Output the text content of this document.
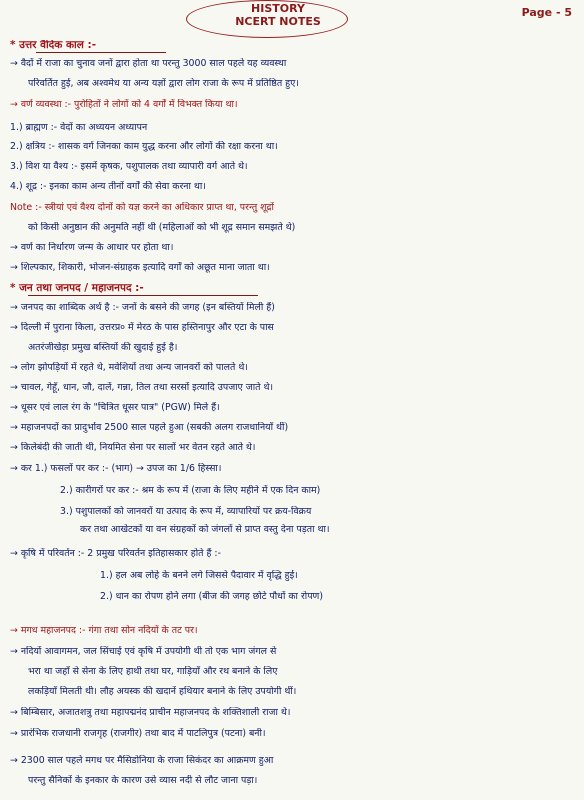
HISTORY
NCERT NOTES
Page - 5
* उत्तर वैदिक काल :-
→ वैदों में राजा का चुनाव जनों द्वारा होता था परन्तु 3000 साल पहले यह व्यवस्था
परिवर्तित हुई, अब अश्वमेध या अन्य यज्ञों द्वारा लोग राजा के रूप में प्रतिष्ठित हुए।
→ वर्ण व्यवस्था :- पुरोहितों ने लोगों को 4 वर्गों में विभक्त किया था।
1.) ब्राह्मण :- वेदों का अध्ययन अध्यापन
2.) क्षत्रिय :- शासक वर्ग जिनका काम युद्ध करना और लोगों की रक्षा करना था।
3.) विश या वैश्य :- इसमें कृषक, पशुपालक तथा व्यापारी वर्ग आते थे।
4.) शूद्र :- इनका काम अन्य तीनों वर्गों की सेवा करना था।
Note :- स्त्रीयां एवं वैश्य दोनों को यज्ञ करने का अधिकार प्राप्त था, परन्तु शूद्रों
को किसी अनुष्ठान की अनुमति नहीं थी (महिलाओं को भी शूद्र समान समझते थे)
→ वर्ण का निर्धारण जन्म के आधार पर होता था।
→ शिल्पकार, शिकारी, भोजन-संग्राहक इत्यादि वर्गों को अछूत माना जाता था।
* जन तथा जनपद / महाजनपद :-
→ जनपद का शाब्दिक अर्थ है :- जनों के बसने की जगह (इन बस्तियों मिली हैं)
→ दिल्ली में पुराना किला, उत्तरप्र० में मेरठ के पास हस्तिनापुर और एटा के पास
अतरंजीखेड़ा प्रमुख बस्तियों की खुदाई हुई है।
→ लोग झोपड़ियों में रहते थे, मवेशियों तथा अन्य जानवरों को पालते थे।
→ चावल, गेहूँ, धान, जौ, दालें, गन्ना, तिल तथा सरसों इत्यादि उपजाए जाते थे।
→ धूसर एवं लाल रंग के "चित्रित धूसर पात्र" (PGW) मिले हैं।
→ महाजनपदों का प्रादुर्भाव 2500 साल पहले हुआ (सबकी अलग राजधानियाँ थीं)
→ किलेबंदी की जाती थी, नियमित सेना पर सालों भर वेतन रहते आते थे।
→ कर 1.) फसलों पर कर :- (भाग) → उपज का 1/6 हिस्सा।
2.) कारीगरों पर कर :- श्रम के रूप में (राजा के लिए महीने में एक दिन काम)
3.) पशुपालकों को जानवरों या उत्पाद के रूप में, व्यापारियों पर क्रय-विक्रय
कर तथा आखेटकों या वन संग्रहकों को जंगलों से प्राप्त वस्तु देना पड़ता था।
→ कृषि में परिवर्तन :- 2 प्रमुख परिवर्तन इतिहासकार होते हैं :-
1.) हल अब लोहे के बनने लगे जिससे पैदावार में वृद्धि हुई।
2.) धान का रोपण होने लगा (बीज की जगह छोटे पौधों का रोपण)
→ मगध महाजनपद :- गंगा तथा सोन नदियों के तट पर।
→ नदियों आवागमन, जल सिंचाई एवं कृषि में उपयोगी थी तो एक भाग जंगल से
भरा था जहाँ से सेना के लिए हाथी तथा घर, गाड़ियाँ और रथ बनाने के लिए
लकड़ियाँ मिलती थी। लौह अयस्क की खदानें हथियार बनाने के लिए उपयोगी थीं।
→ बिम्बिसार, अजातशत्रु तथा महापद्मनंद प्राचीन महाजनपद के शक्तिशाली राजा थे।
→ प्रारंभिक राजधानी राजगृह (राजगीर) तथा बाद में पाटलिपुत्र (पटना) बनी।
→ 2300 साल पहले मगध पर मैसिडोनिया के राजा सिकंदर का आक्रमण हुआ
परन्तु सैनिकों के इनकार के कारण उसे व्यास नदी से लौट जाना पड़ा।
